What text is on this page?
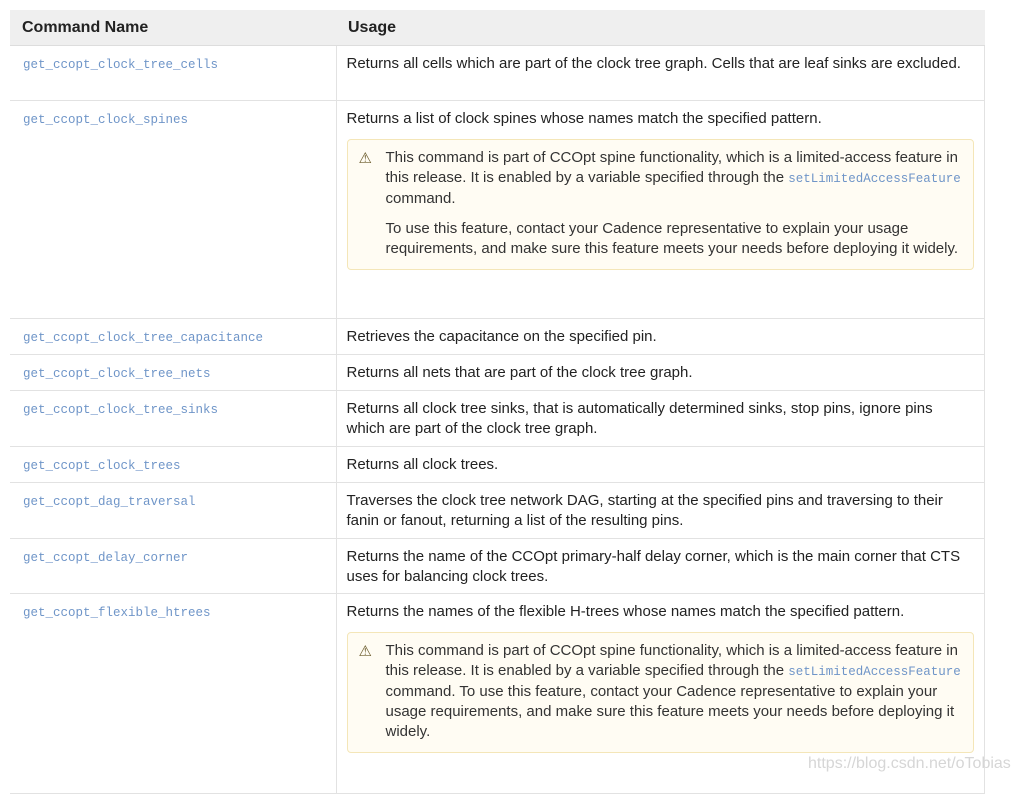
Command Name	Usage
get_ccopt_clock_tree_cells	Returns all cells which are part of the clock tree graph. Cells that are leaf sinks are excluded.

get_ccopt_clock_spines	Returns a list of clock spines whose names match the specified pattern.
⚠ This command is part of CCOpt spine functionality, which is a limited-access feature in this release. It is enabled by a variable specified through the setLimitedAccessFeature command.

To use this feature, contact your Cadence representative to explain your usage requirements, and make sure this feature meets your needs before deploying it widely.

get_ccopt_clock_tree_capacitance	Retrieves the capacitance on the specified pin.

get_ccopt_clock_tree_nets	Returns all nets that are part of the clock tree graph.

get_ccopt_clock_tree_sinks	Returns all clock tree sinks, that is automatically determined sinks, stop pins, ignore pins which are part of the clock tree graph.

get_ccopt_clock_trees	Returns all clock trees.

get_ccopt_dag_traversal	Traverses the clock tree network DAG, starting at the specified pins and traversing to their fanin or fanout, returning a list of the resulting pins.

get_ccopt_delay_corner	Returns the name of the CCOpt primary-half delay corner, which is the main corner that CTS uses for balancing clock trees.

get_ccopt_flexible_htrees	Returns the names of the flexible H-trees whose names match the specified pattern.
⚠ This command is part of CCOpt spine functionality, which is a limited-access feature in this release. It is enabled by a variable specified through the setLimitedAccessFeature command. To use this feature, contact your Cadence representative to explain your usage requirements, and make sure this feature meets your needs before deploying it widely.

https://blog.csdn.net/oTobias
